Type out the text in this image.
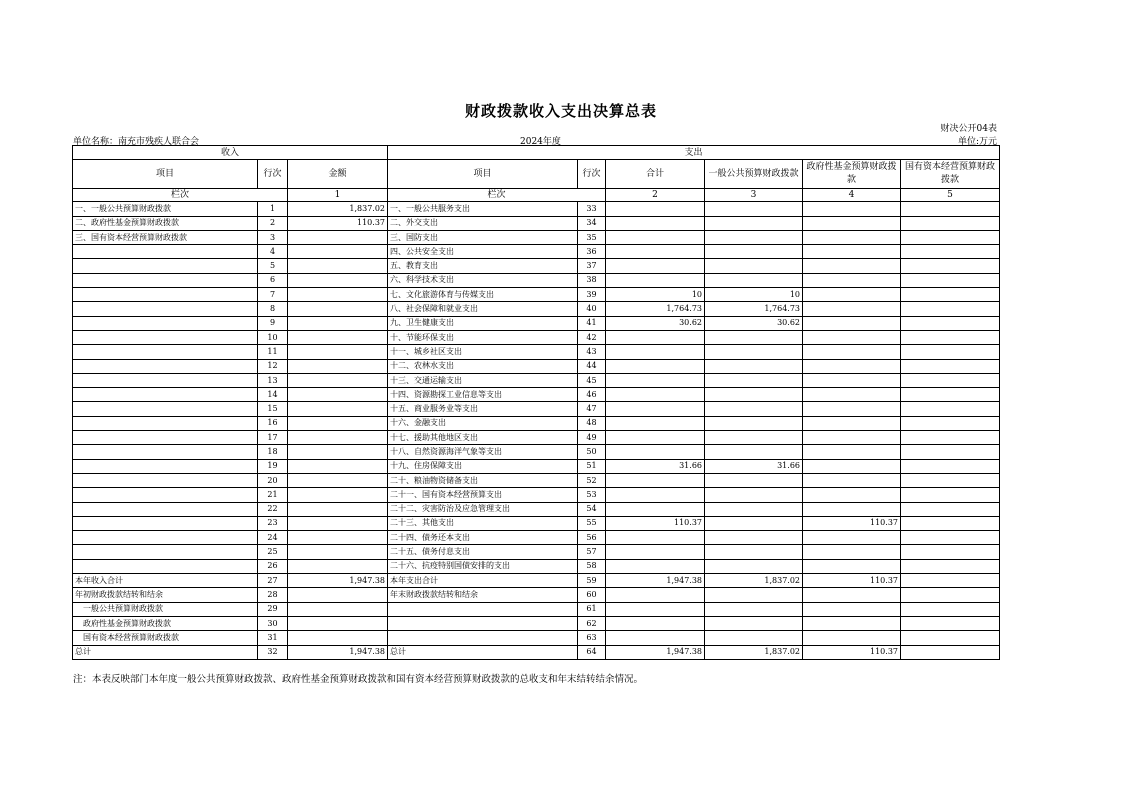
财政拨款收入支出决算总表
财决公开04表
单位名称：南充市残疾人联合会	2024年度	单位:万元
收入			支出					
项目	行次	金额	项目	行次	合计	一般公共预算财政拨款	政府性基金预算财政拨款	国有资本经营预算财政拨款
栏次		1	栏次		2	3	4	5
一、一般公共预算财政拨款	1	1,837.02	一、一般公共服务支出	33				
二、政府性基金预算财政拨款	2	110.37	二、外交支出	34				
三、国有资本经营预算财政拨款	3		三、国防支出	35				
	4		四、公共安全支出	36				
	5		五、教育支出	37				
	6		六、科学技术支出	38				
	7		七、文化旅游体育与传媒支出	39	10	10		
	8		八、社会保障和就业支出	40	1,764.73	1,764.73		
	9		九、卫生健康支出	41	30.62	30.62		
	10		十、节能环保支出	42				
	11		十一、城乡社区支出	43				
	12		十二、农林水支出	44				
	13		十三、交通运输支出	45				
	14		十四、资源勘探工业信息等支出	46				
	15		十五、商业服务业等支出	47				
	16		十六、金融支出	48				
	17		十七、援助其他地区支出	49				
	18		十八、自然资源海洋气象等支出	50				
	19		十九、住房保障支出	51	31.66	31.66		
	20		二十、粮油物资储备支出	52				
	21		二十一、国有资本经营预算支出	53				
	22		二十二、灾害防治及应急管理支出	54				
	23		二十三、其他支出	55	110.37		110.37	
	24		二十四、债务还本支出	56				
	25		二十五、债务付息支出	57				
	26		二十六、抗疫特别国债安排的支出	58				
本年收入合计	27	1,947.38	本年支出合计	59	1,947.38	1,837.02	110.37	
年初财政拨款结转和结余	28		年末财政拨款结转和结余	60				
一般公共预算财政拨款	29			61				
政府性基金预算财政拨款	30			62				
国有资本经营预算财政拨款	31			63				
总计	32	1,947.38	总计	64	1,947.38	1,837.02	110.37	
注：本表反映部门本年度一般公共预算财政拨款、政府性基金预算财政拨款和国有资本经营预算财政拨款的总收支和年末结转结余情况。
